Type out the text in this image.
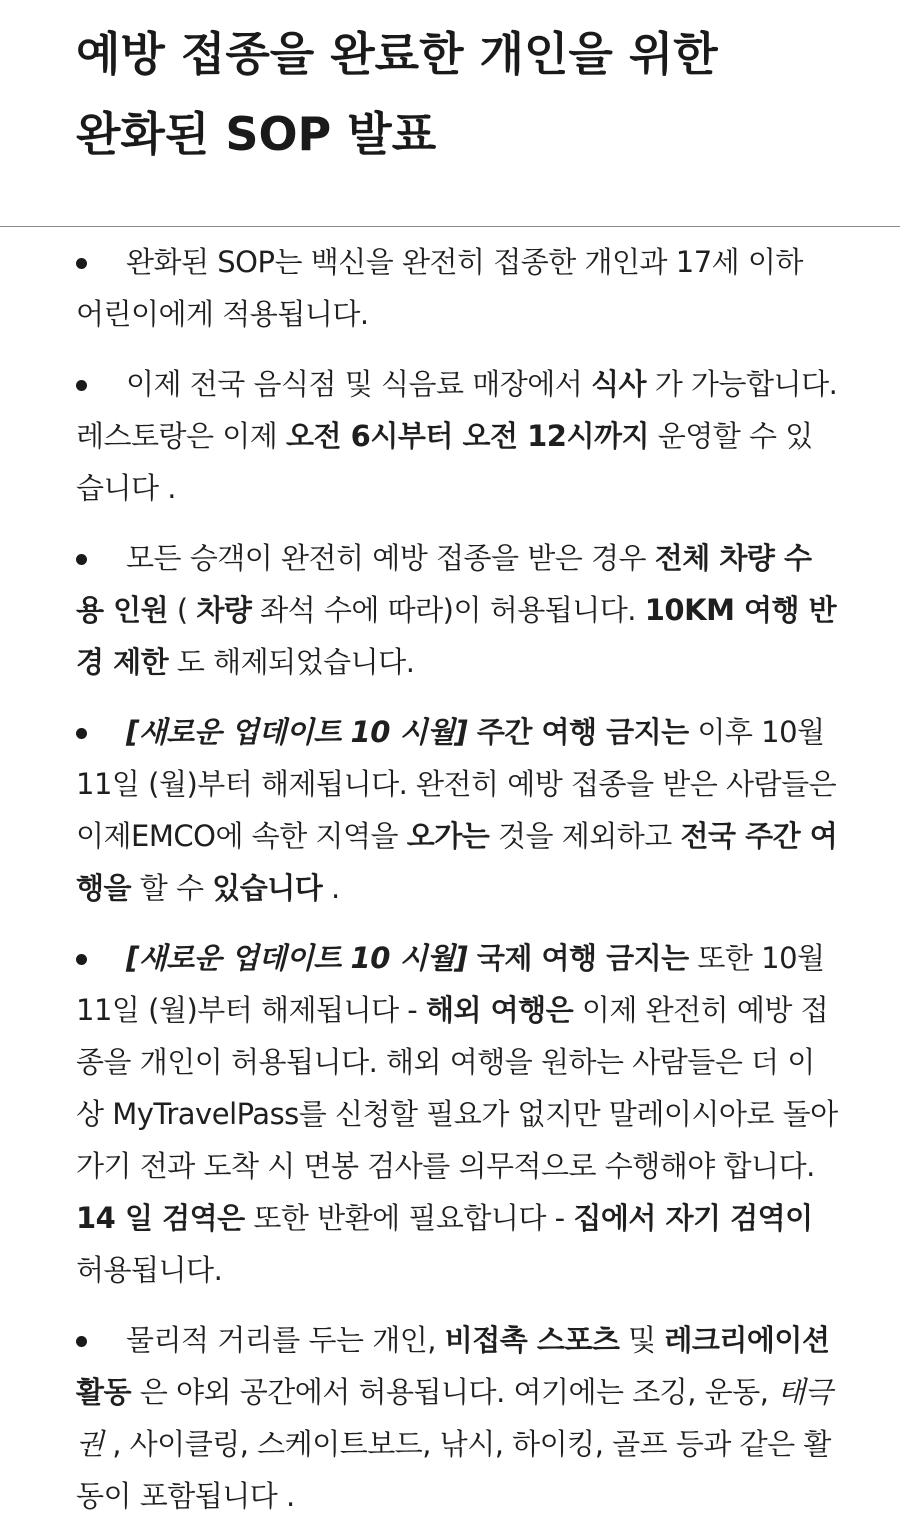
예방 접종을 완료한 개인을 위한
완화된 SOP 발표

완화된 SOP는 백신을 완전히 접종한 개인과 17세 이하 어린이에게 적용됩니다.

이제 전국 음식점 및 식음료 매장에서 식사 가 가능합니다. 레스토랑은 이제 오전 6시부터 오전 12시까지 운영할 수 있습니다 .

모든 승객이 완전히 예방 접종을 받은 경우 전체 차량 수용 인원 ( 차량 좌석 수에 따라)이 허용됩니다. 10KM 여행 반경 제한 도 해제되었습니다.

[새로운 업데이트 10 시월] 주간 여행 금지는 이후 10월 11일 (월)부터 해제됩니다. 완전히 예방 접종을 받은 사람들은 이제EMCO에 속한 지역을 오가는 것을 제외하고 전국 주간 여행을 할 수 있습니다 .

[새로운 업데이트 10 시월] 국제 여행 금지는 또한 10월 11일 (월)부터 해제됩니다 - 해외 여행은 이제 완전히 예방 접종을 개인이 허용됩니다. 해외 여행을 원하는 사람들은 더 이상 MyTravelPass를 신청할 필요가 없지만 말레이시아로 돌아가기 전과 도착 시 면봉 검사를 의무적으로 수행해야 합니다. 14 일 검역은 또한 반환에 필요합니다 - 집에서 자기 검역이 허용됩니다.

물리적 거리를 두는 개인, 비접촉 스포츠 및 레크리에이션 활동 은 야외 공간에서 허용됩니다. 여기에는 조깅, 운동, 태극권 , 사이클링, 스케이트보드, 낚시, 하이킹, 골프 등과 같은 활동이 포함됩니다 .
